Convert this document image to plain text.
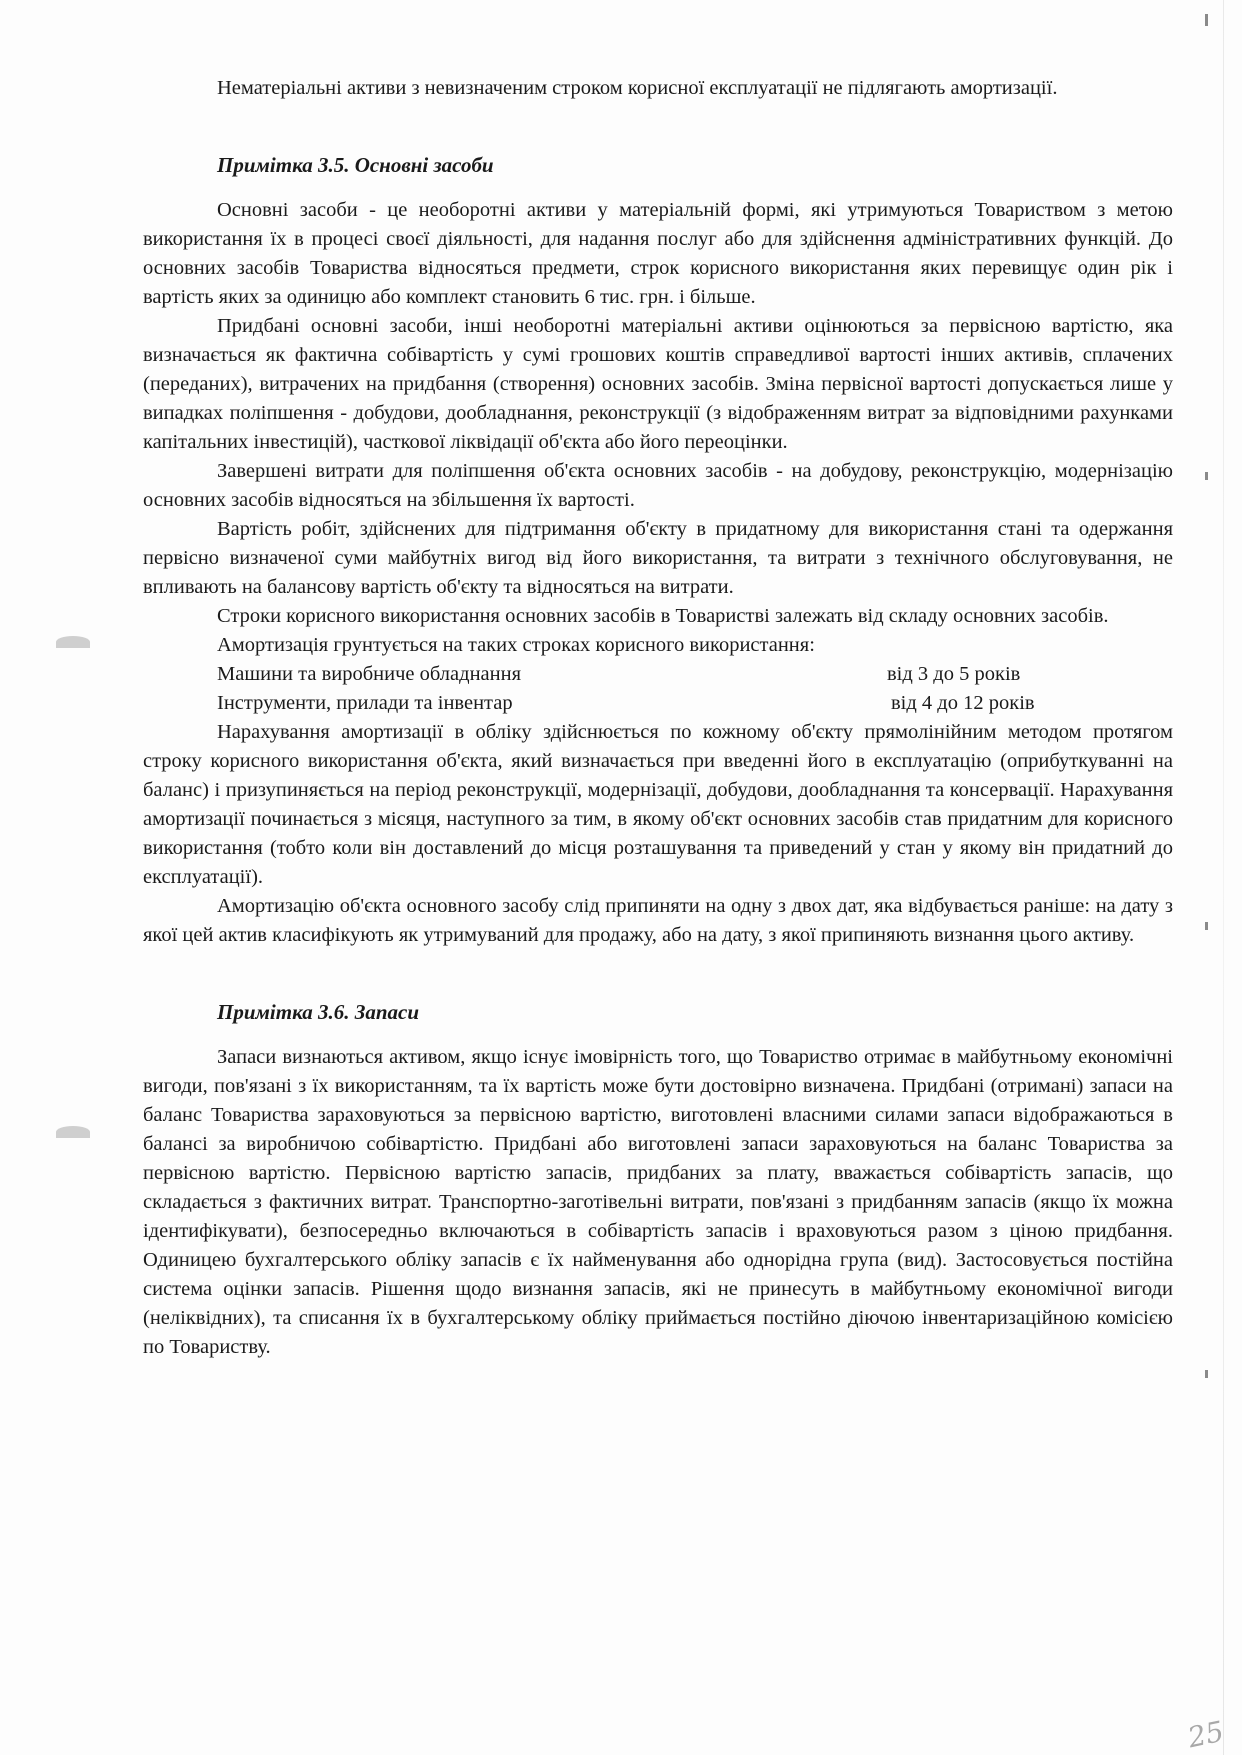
Нематеріальні активи з невизначеним строком корисної експлуатації не підлягають амортизації.

Примітка 3.5. Основні засоби

Основні засоби - це необоротні активи у матеріальній формі, які утримуються Товариством з метою використання їх в процесі своєї діяльності, для надання послуг або для здійснення адміністративних функцій. До основних засобів Товариства відносяться предмети, строк корисного використання яких перевищує один рік і вартість яких за одиницю або комплект становить 6 тис. грн. і більше.

Придбані основні засоби, інші необоротні матеріальні активи оцінюються за первісною вартістю, яка визначається як фактична собівартість у сумі грошових коштів справедливої вартості інших активів, сплачених (переданих), витрачених на придбання (створення) основних засобів. Зміна первісної вартості допускається лише у випадках поліпшення - добудови, дообладнання, реконструкції (з відображенням витрат за відповідними рахунками капітальних інвестицій), часткової ліквідації об'єкта або його переоцінки.

Завершені витрати для поліпшення об'єкта основних засобів - на добудову, реконструкцію, модернізацію основних засобів відносяться на збільшення їх вартості.

Вартість робіт, здійснених для підтримання об'єкту в придатному для використання стані та одержання первісно визначеної суми майбутніх вигод від його використання, та витрати з технічного обслуговування, не впливають на балансову вартість об'єкту та відносяться на витрати.

Строки корисного використання основних засобів в Товаристві залежать від складу основних засобів.

Амортизація грунтується на таких строках корисного використання:

Машини та виробниче обладнання	від 3 до 5 років
Інструменти, прилади та інвентар	від 4 до 12 років

Нарахування амортизації в обліку здійснюється по кожному об'єкту прямолінійним методом протягом строку корисного використання об'єкта, який визначається при введенні його в експлуатацію (оприбуткуванні на баланс) і призупиняється на період реконструкції, модернізації, добудови, дообладнання та консервації. Нарахування амортизації починається з місяця, наступного за тим, в якому об'єкт основних засобів став придатним для корисного використання (тобто коли він доставлений до місця розташування та приведений у стан у якому він придатний до експлуатації).

Амортизацію об'єкта основного засобу слід припиняти на одну з двох дат, яка відбувається раніше: на дату з якої цей актив класифікують як утримуваний для продажу, або на дату, з якої припиняють визнання цього активу.

Примітка 3.6. Запаси

Запаси визнаються активом, якщо існує імовірність того, що Товариство отримає в майбутньому економічні вигоди, пов'язані з їх використанням, та їх вартість може бути достовірно визначена. Придбані (отримані) запаси на баланс Товариства зараховуються за первісною вартістю, виготовлені власними силами запаси відображаються в балансі за виробничою собівартістю. Придбані або виготовлені запаси зараховуються на баланс Товариства за первісною вартістю. Первісною вартістю запасів, придбаних за плату, вважається собівартість запасів, що складається з фактичних витрат. Транспортно-заготівельні витрати, пов'язані з придбанням запасів (якщо їх можна ідентифікувати), безпосередньо включаються в собівартість запасів і враховуються разом з ціною придбання. Одиницею бухгалтерського обліку запасів є їх найменування або однорідна група (вид). Застосовується постійна система оцінки запасів. Рішення щодо визнання запасів, які не принесуть в майбутньому економічної вигоди (неліквідних), та списання їх в бухгалтерському обліку приймається постійно діючою інвентаризаційною комісією по Товариству.

25
